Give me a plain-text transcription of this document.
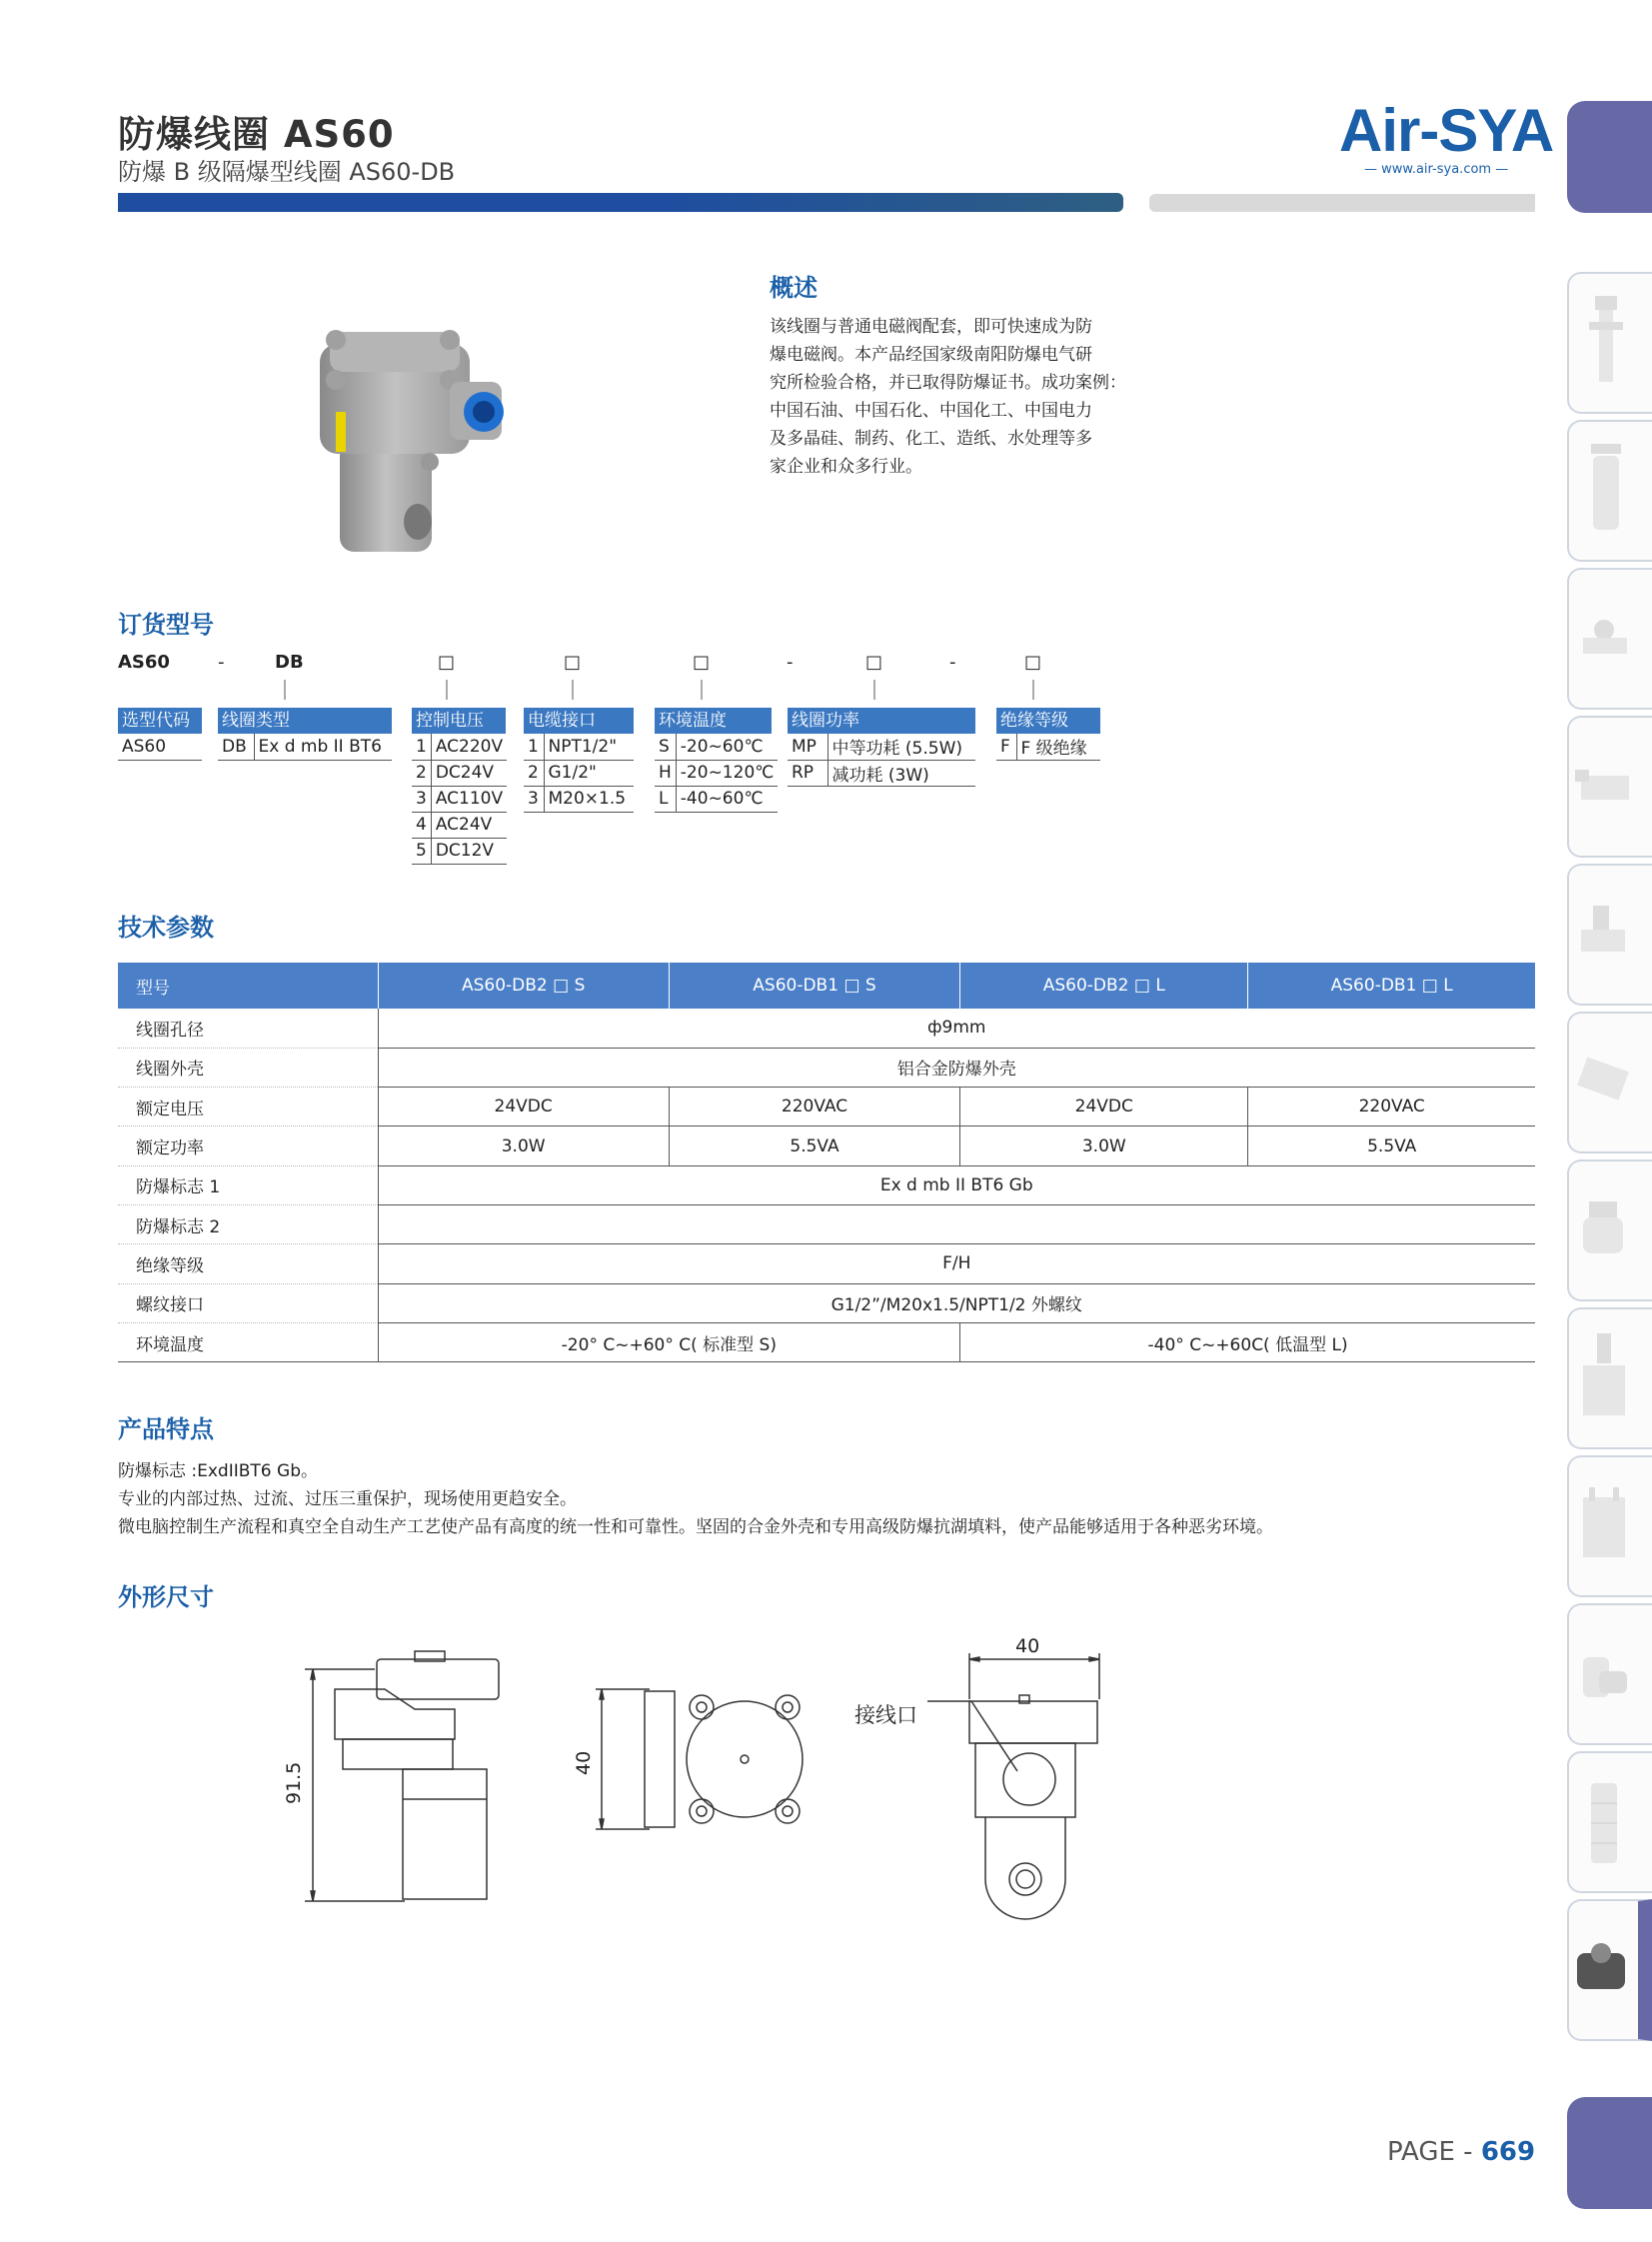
防爆线圈 AS60
防爆 B 级隔爆型线圈 AS60-DB
Air-SYA
— www.air-sya.com —
概述
该线圈与普通电磁阀配套，即可快速成为防
爆电磁阀。本产品经国家级南阳防爆电气研
究所检验合格，并已取得防爆证书。成功案例：
中国石油、中国石化、中国化工、中国电力
及多晶硅、制药、化工、造纸、水处理等多
家企业和众多行业。
订货型号
AS60	-	DB	□	□	□	-	□	-	□
选型代码
AS60
线圈类型
DB	Ex d mb II BT6
控制电压
1	AC220V
2	DC24V
3	AC110V
4	AC24V
5	DC12V
电缆接口
1	NPT1/2"
2	G1/2"
3	M20×1.5
环境温度
S	-20~60℃
H	-20~120℃
L	-40~60℃
线圈功率
MP	中等功耗 (5.5W)
RP	减功耗 (3W)
绝缘等级
F	F 级绝缘
技术参数
型号	AS60-DB2 □ S	AS60-DB1 □ S	AS60-DB2 □ L	AS60-DB1 □ L
线圈孔径	ф9mm			
线圈外壳	铝合金防爆外壳			
额定电压	24VDC	220VAC	24VDC	220VAC
额定功率	3.0W	5.5VA	3.0W	5.5VA
防爆标志 1	Ex d mb II BT6 Gb			
防爆标志 2				
绝缘等级	F/H			
螺纹接口	G1/2”/M20x1.5/NPT1/2 外螺纹			
环境温度	-20° C~+60° C( 标准型 S)		-40° C~+60C( 低温型 L)	
产品特点
防爆标志 :ExdIIBT6 Gb。
专业的内部过热、过流、过压三重保护，现场使用更趋安全。
微电脑控制生产流程和真空全自动生产工艺使产品有高度的统一性和可靠性。坚固的合金外壳和专用高级防爆抗湖填料，使产品能够适用于各种恶劣环境。
外形尺寸
91.5	40
40
接线口
PAGE - 669
